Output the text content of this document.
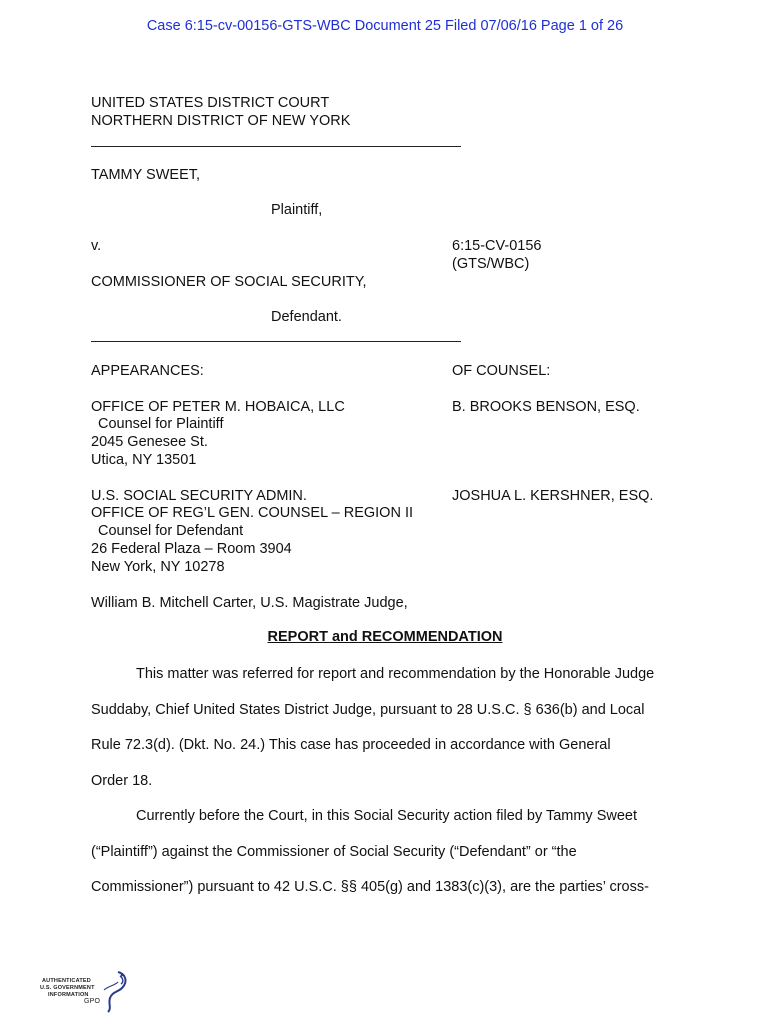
Case 6:15-cv-00156-GTS-WBC Document 25 Filed 07/06/16 Page 1 of 26
UNITED STATES DISTRICT COURT
NORTHERN DISTRICT OF NEW YORK
TAMMY SWEET,
Plaintiff,
v.	6:15-CV-0156
(GTS/WBC)
COMMISSIONER OF SOCIAL SECURITY,
Defendant.
APPEARANCES:	OF COUNSEL:
OFFICE OF PETER M. HOBAICA, LLC
Counsel for Plaintiff
2045 Genesee St.
Utica, NY 13501
B. BROOKS BENSON, ESQ.
U.S. SOCIAL SECURITY ADMIN.
OFFICE OF REG’L GEN. COUNSEL – REGION II
Counsel for Defendant
26 Federal Plaza – Room 3904
New York, NY 10278
JOSHUA L. KERSHNER, ESQ.
William B. Mitchell Carter, U.S. Magistrate Judge,
REPORT and RECOMMENDATION
This matter was referred for report and recommendation by the Honorable Judge
Suddaby, Chief United States District Judge, pursuant to 28 U.S.C. § 636(b) and Local
Rule 72.3(d). (Dkt. No. 24.) This case has proceeded in accordance with General
Order 18.
Currently before the Court, in this Social Security action filed by Tammy Sweet
(“Plaintiff”) against the Commissioner of Social Security (“Defendant” or “the
Commissioner”) pursuant to 42 U.S.C. §§ 405(g) and 1383(c)(3), are the parties’ cross-
AUTHENTICATED
U.S. GOVERNMENT
INFORMATION
GPO
